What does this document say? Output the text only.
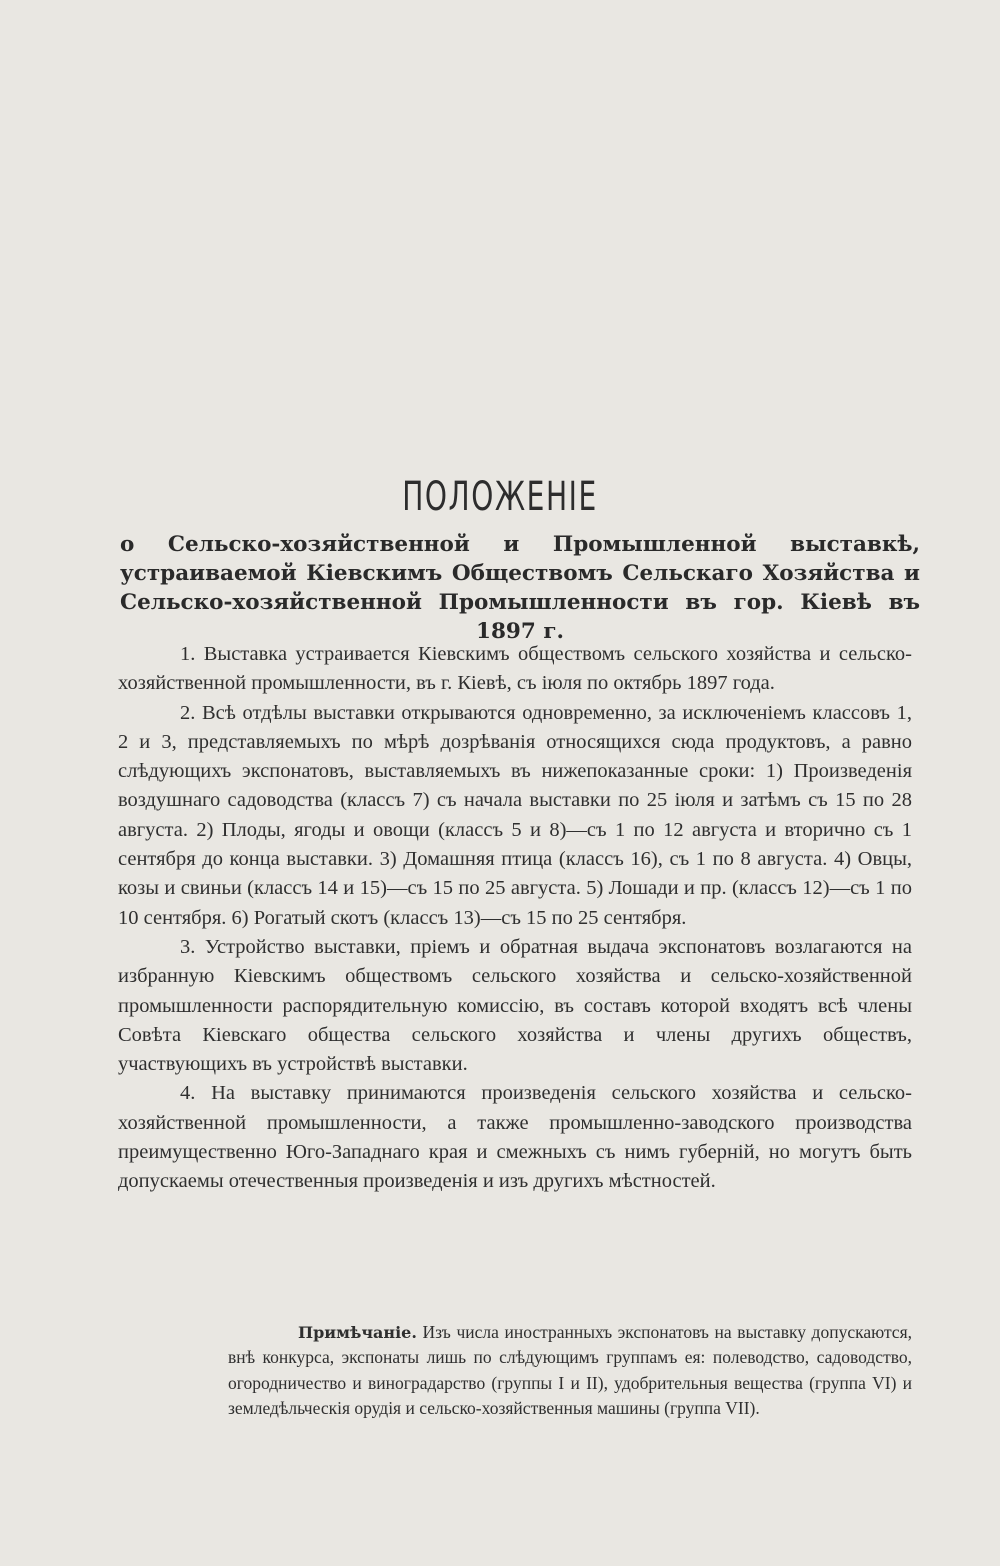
ПОЛОЖЕНІЕ
о Сельско-хозяйственной и Промышленной выставкѣ, устраиваемой Кіевскимъ Обществомъ Сельскаго Хозяйства и Сельско-хозяйственной Промышленности въ гор. Кіевѣ въ 1897 г.

1. Выставка устраивается Кіевскимъ обществомъ сельского хозяйства и сельско-хозяйственной промышленности, въ г. Кіевѣ, съ іюля по октябрь 1897 года.

2. Всѣ отдѣлы выставки открываются одновременно, за исключеніемъ классовъ 1, 2 и 3, представляемыхъ по мѣрѣ дозрѣванія относящихся сюда продуктовъ, а равно слѣдующихъ экспонатовъ, выставляемыхъ въ нижепоказанные сроки: 1) Произведенія воздушнаго садоводства (классъ 7) съ начала выставки по 25 іюля и затѣмъ съ 15 по 28 августа. 2) Плоды, ягоды и овощи (классъ 5 и 8)—съ 1 по 12 августа и вторично съ 1 сентября до конца выставки. 3) Домашняя птица (классъ 16), съ 1 по 8 августа. 4) Овцы, козы и свиньи (классъ 14 и 15)—съ 15 по 25 августа. 5) Лошади и пр. (классъ 12)—съ 1 по 10 сентября. 6) Рогатый скотъ (классъ 13)—съ 15 по 25 сентября.

3. Устройство выставки, пріемъ и обратная выдача экспонатовъ возлагаются на избранную Кіевскимъ обществомъ сельского хозяйства и сельско-хозяйственной промышленности распорядительную комиссію, въ составъ которой входятъ всѣ члены Совѣта Кіевскаго общества сельского хозяйства и члены другихъ обществъ, участвующихъ въ устройствѣ выставки.

4. На выставку принимаются произведенія сельского хозяйства и сельско-хозяйственной промышленности, а также промышленно-заводского производства преимущественно Юго-Западнаго края и смежныхъ съ нимъ губерній, но могутъ быть допускаемы отечественныя произведенія и изъ другихъ мѣстностей.

Примѣчаніе. Изъ числа иностранныхъ экспонатовъ на выставку допускаются, внѣ конкурса, экспонаты лишь по слѣдующимъ группамъ ея: полеводство, садоводство, огородничество и виноградарство (группы I и II), удобрительныя вещества (группа VI) и земледѣльческія орудія и сельско-хозяйственныя машины (группа VII).
